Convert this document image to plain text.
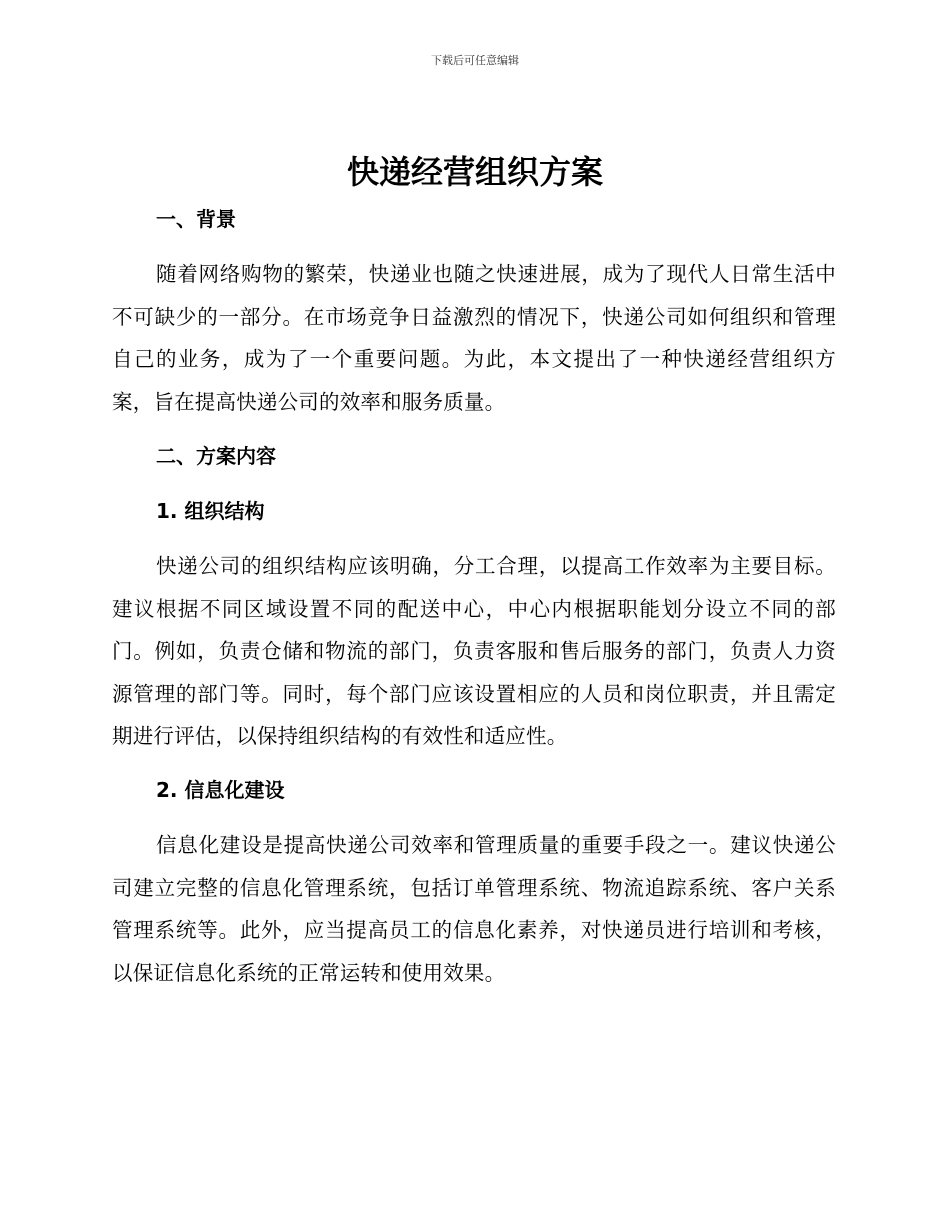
下载后可任意编辑
快递经营组织方案
一、背景

随着网络购物的繁荣，快递业也随之快速进展，成为了现代人日常生活中不可缺少的一部分。在市场竞争日益激烈的情况下，快递公司如何组织和管理自己的业务，成为了一个重要问题。为此，本文提出了一种快递经营组织方案，旨在提高快递公司的效率和服务质量。

二、方案内容
1. 组织结构

快递公司的组织结构应该明确，分工合理，以提高工作效率为主要目标。建议根据不同区域设置不同的配送中心，中心内根据职能划分设立不同的部门。例如，负责仓储和物流的部门，负责客服和售后服务的部门，负责人力资源管理的部门等。同时，每个部门应该设置相应的人员和岗位职责，并且需定期进行评估，以保持组织结构的有效性和适应性。

2. 信息化建设

信息化建设是提高快递公司效率和管理质量的重要手段之一。建议快递公司建立完整的信息化管理系统，包括订单管理系统、物流追踪系统、客户关系管理系统等。此外，应当提高员工的信息化素养，对快递员进行培训和考核，以保证信息化系统的正常运转和使用效果。
